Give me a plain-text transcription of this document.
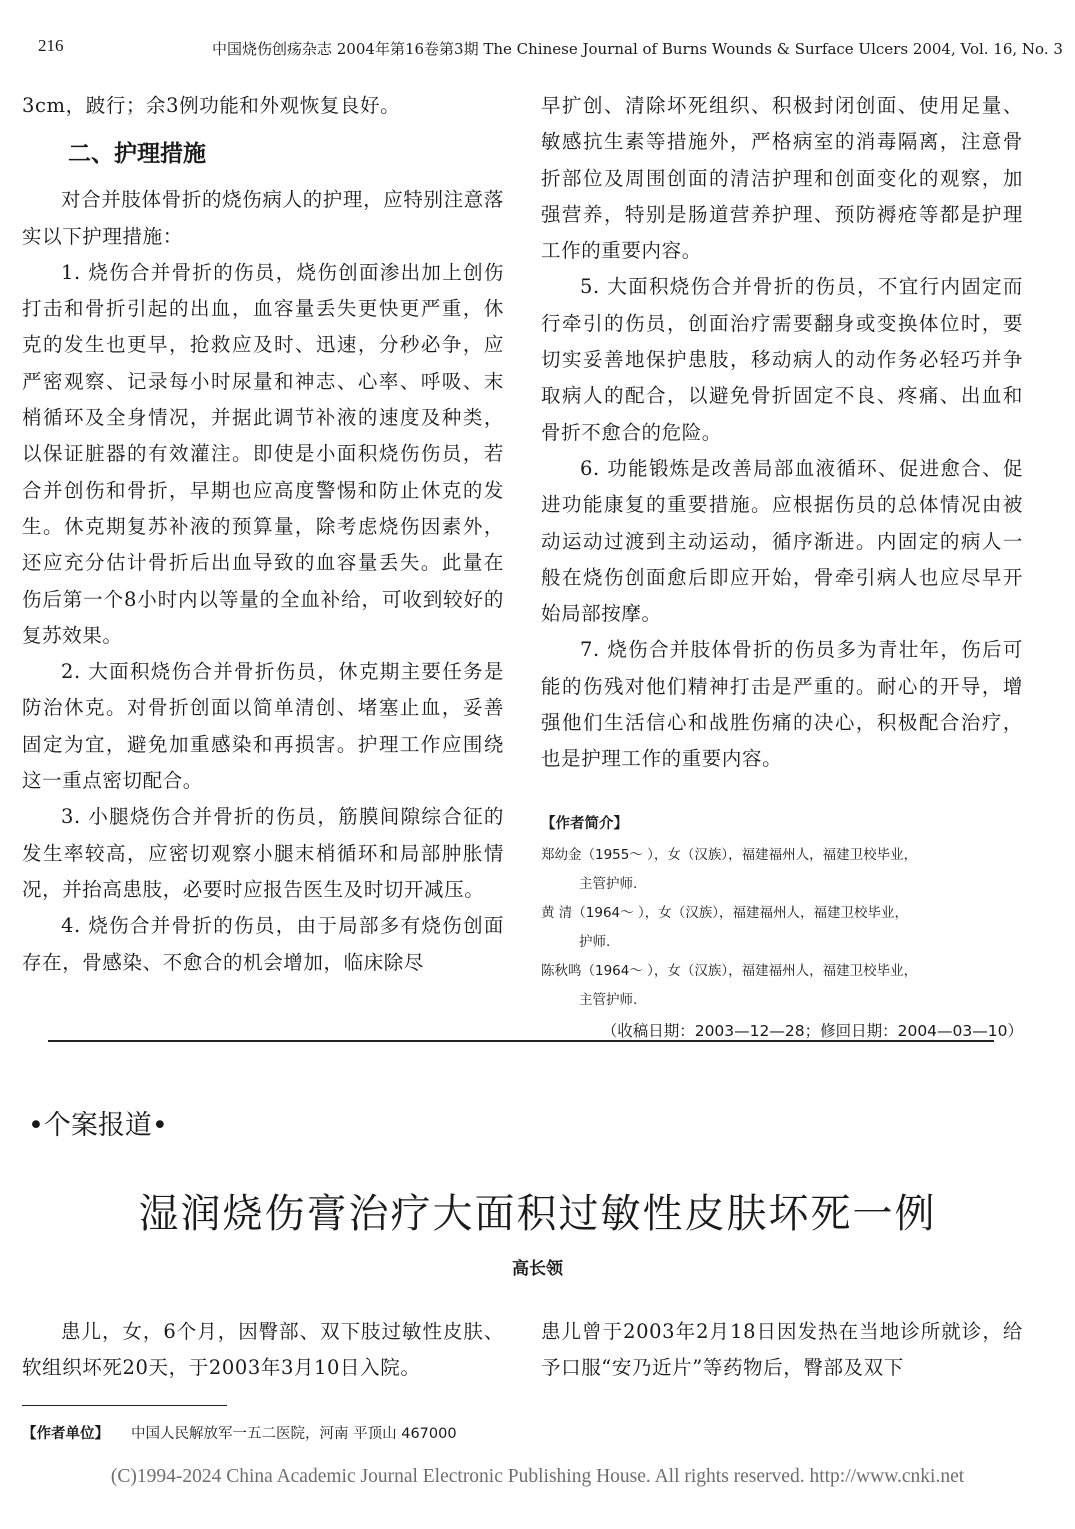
216	中国烧伤创疡杂志 2004年第16卷第3期 The Chinese Journal of Burns Wounds & Surface Ulcers 2004, Vol. 16, No. 3

3cm，跛行；余3例功能和外观恢复良好。

二、护理措施

对合并肢体骨折的烧伤病人的护理，应特别注意落实以下护理措施：

1. 烧伤合并骨折的伤员，烧伤创面渗出加上创伤打击和骨折引起的出血，血容量丢失更快更严重，休克的发生也更早，抢救应及时、迅速，分秒必争，应严密观察、记录每小时尿量和神志、心率、呼吸、末梢循环及全身情况，并据此调节补液的速度及种类，以保证脏器的有效灌注。即使是小面积烧伤伤员，若合并创伤和骨折，早期也应高度警惕和防止休克的发生。休克期复苏补液的预算量，除考虑烧伤因素外，还应充分估计骨折后出血导致的血容量丢失。此量在伤后第一个8小时内以等量的全血补给，可收到较好的复苏效果。

2. 大面积烧伤合并骨折伤员，休克期主要任务是防治休克。对骨折创面以简单清创、堵塞止血，妥善固定为宜，避免加重感染和再损害。护理工作应围绕这一重点密切配合。

3. 小腿烧伤合并骨折的伤员，筋膜间隙综合征的发生率较高，应密切观察小腿末梢循环和局部肿胀情况，并抬高患肢，必要时应报告医生及时切开减压。

4. 烧伤合并骨折的伤员，由于局部多有烧伤创面存在，骨感染、不愈合的机会增加，临床除尽

早扩创、清除坏死组织、积极封闭创面、使用足量、敏感抗生素等措施外，严格病室的消毒隔离，注意骨折部位及周围创面的清洁护理和创面变化的观察，加强营养，特别是肠道营养护理、预防褥疮等都是护理工作的重要内容。

5. 大面积烧伤合并骨折的伤员，不宜行内固定而行牵引的伤员，创面治疗需要翻身或变换体位时，要切实妥善地保护患肢，移动病人的动作务必轻巧并争取病人的配合，以避免骨折固定不良、疼痛、出血和骨折不愈合的危险。

6. 功能锻炼是改善局部血液循环、促进愈合、促进功能康复的重要措施。应根据伤员的总体情况由被动运动过渡到主动运动，循序渐进。内固定的病人一般在烧伤创面愈后即应开始，骨牵引病人也应尽早开始局部按摩。

7. 烧伤合并肢体骨折的伤员多为青壮年，伤后可能的伤残对他们精神打击是严重的。耐心的开导，增强他们生活信心和战胜伤痛的决心，积极配合治疗，也是护理工作的重要内容。

【作者简介】
郑幼金（1955～ ），女（汉族），福建福州人，福建卫校毕业，
主管护师.
黄 清（1964～ ），女（汉族），福建福州人，福建卫校毕业，
护师.
陈秋鸣（1964～ ），女（汉族），福建福州人，福建卫校毕业，
主管护师.
（收稿日期：2003—12—28；修回日期：2004—03—10）
•个案报道•
湿润烧伤膏治疗大面积过敏性皮肤坏死一例
高长领

患儿，女，6个月，因臀部、双下肢过敏性皮肤、软组织坏死20天，于2003年3月10日入院。

患儿曾于2003年2月18日因发热在当地诊所就诊，给予口服“安乃近片”等药物后，臀部及双下

【作者单位】 中国人民解放军一五二医院，河南 平顶山 467000
(C)1994-2024 China Academic Journal Electronic Publishing House. All rights reserved. http://www.cnki.net
